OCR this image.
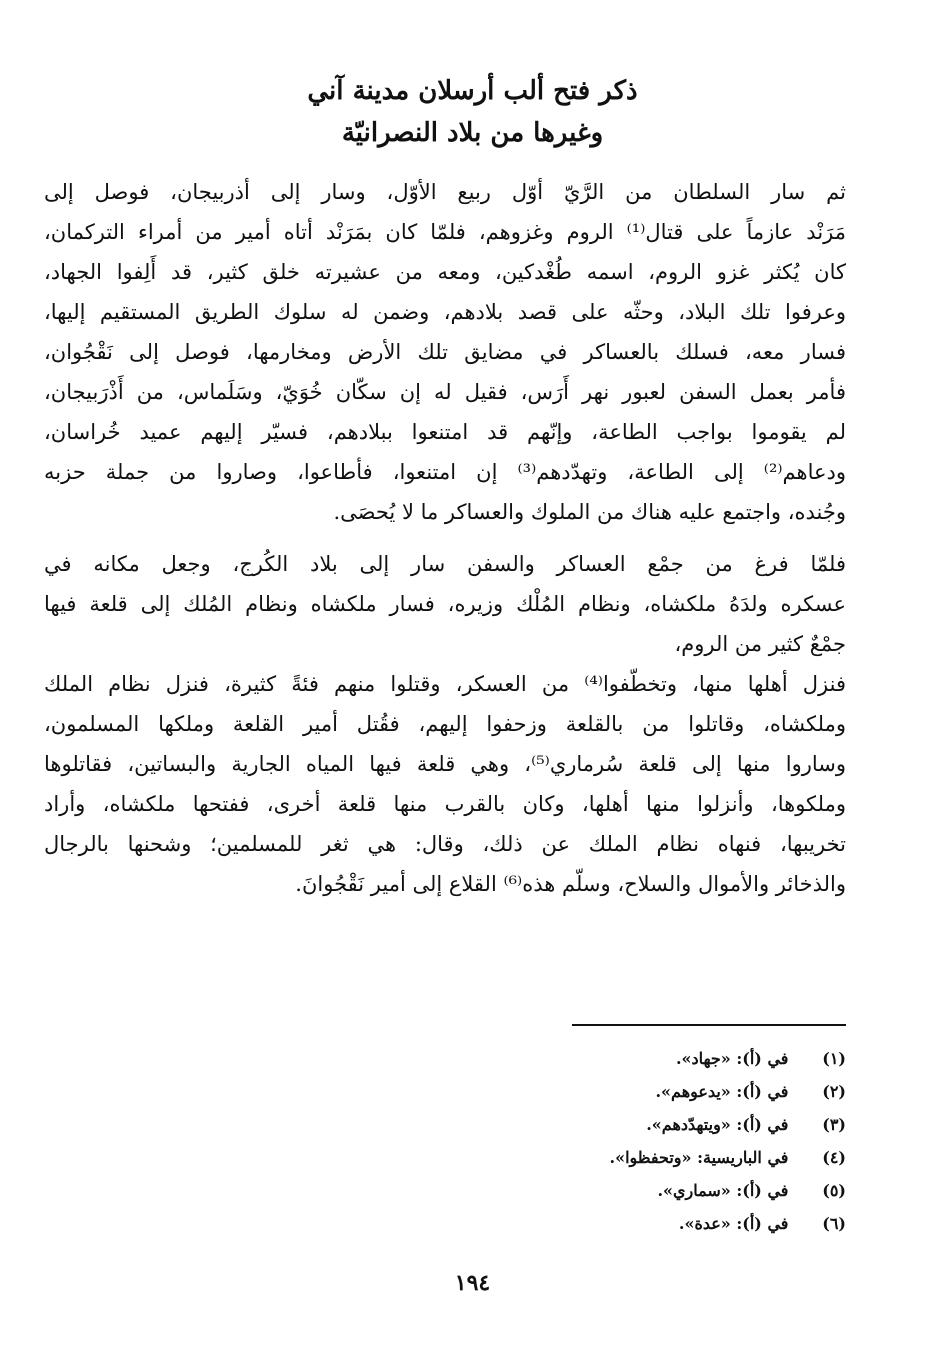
ذكر فتح ألب أرسلان مدينة آني
وغيرها من بلاد النصرانيّة
ثم سار السلطان من الرَّيّ أوّل ربيع الأوّل، وسار إلى أذربيجان، فوصل إلى
مَرَنْد عازماً على قتال⁽¹⁾ الروم وغزوهم، فلمّا كان بمَرَنْد أتاه أمير من أمراء التركمان،
كان يُكثر غزو الروم، اسمه طُغْدكين، ومعه من عشيرته خلق كثير، قد أَلِفوا الجهاد،
وعرفوا تلك البلاد، وحثّه على قصد بلادهم، وضمن له سلوك الطريق المستقيم إليها،
فسار معه، فسلك بالعساكر في مضايق تلك الأرض ومخارمها، فوصل إلى نَقْجُوان،
فأمر بعمل السفن لعبور نهر أَرَس، فقيل له إن سكّان خُوَيّ، وسَلَماس، من أَذْرَبيجان،
لم يقوموا بواجب الطاعة، وإنّهم قد امتنعوا ببلادهم، فسيّر إليهم عميد خُراسان،
ودعاهم⁽²⁾ إلى الطاعة، وتهدّدهم⁽³⁾ إن امتنعوا، فأطاعوا، وصاروا من جملة حزبه
وجُنده، واجتمع عليه هناك من الملوك والعساكر ما لا يُحصَى.
فلمّا فرغ من جمْع العساكر والسفن سار إلى بلاد الكُرج، وجعل مكانه في
عسكره ولدَهُ ملكشاه، ونظام المُلْك وزيره، فسار ملكشاه ونظام المُلك إلى قلعة فيها
جمْعٌ كثير من الروم،
فنزل أهلها منها، وتخطّفوا⁽⁴⁾ من العسكر، وقتلوا منهم فئةً كثيرة، فنزل نظام الملك
وملكشاه، وقاتلوا من بالقلعة وزحفوا إليهم، فقُتل أمير القلعة وملكها المسلمون،
وساروا منها إلى قلعة سُرماري⁽⁵⁾، وهي قلعة فيها المياه الجارية والبساتين، فقاتلوها
وملكوها، وأنزلوا منها أهلها، وكان بالقرب منها قلعة أخرى، ففتحها ملكشاه، وأراد
تخريبها، فنهاه نظام الملك عن ذلك، وقال: هي ثغر للمسلمين؛ وشحنها بالرجال
والذخائر والأموال والسلاح، وسلّم هذه⁽⁶⁾ القلاع إلى أمير نَقْجُوانَ.
(١) في (أ): «جهاد».
(٢) في (أ): «يدعوهم».
(٣) في (أ): «ويتهدّدهم».
(٤) في الباريسية: «وتحفظوا».
(٥) في (أ): «سماري».
(٦) في (أ): «عدة».
١٩٤
